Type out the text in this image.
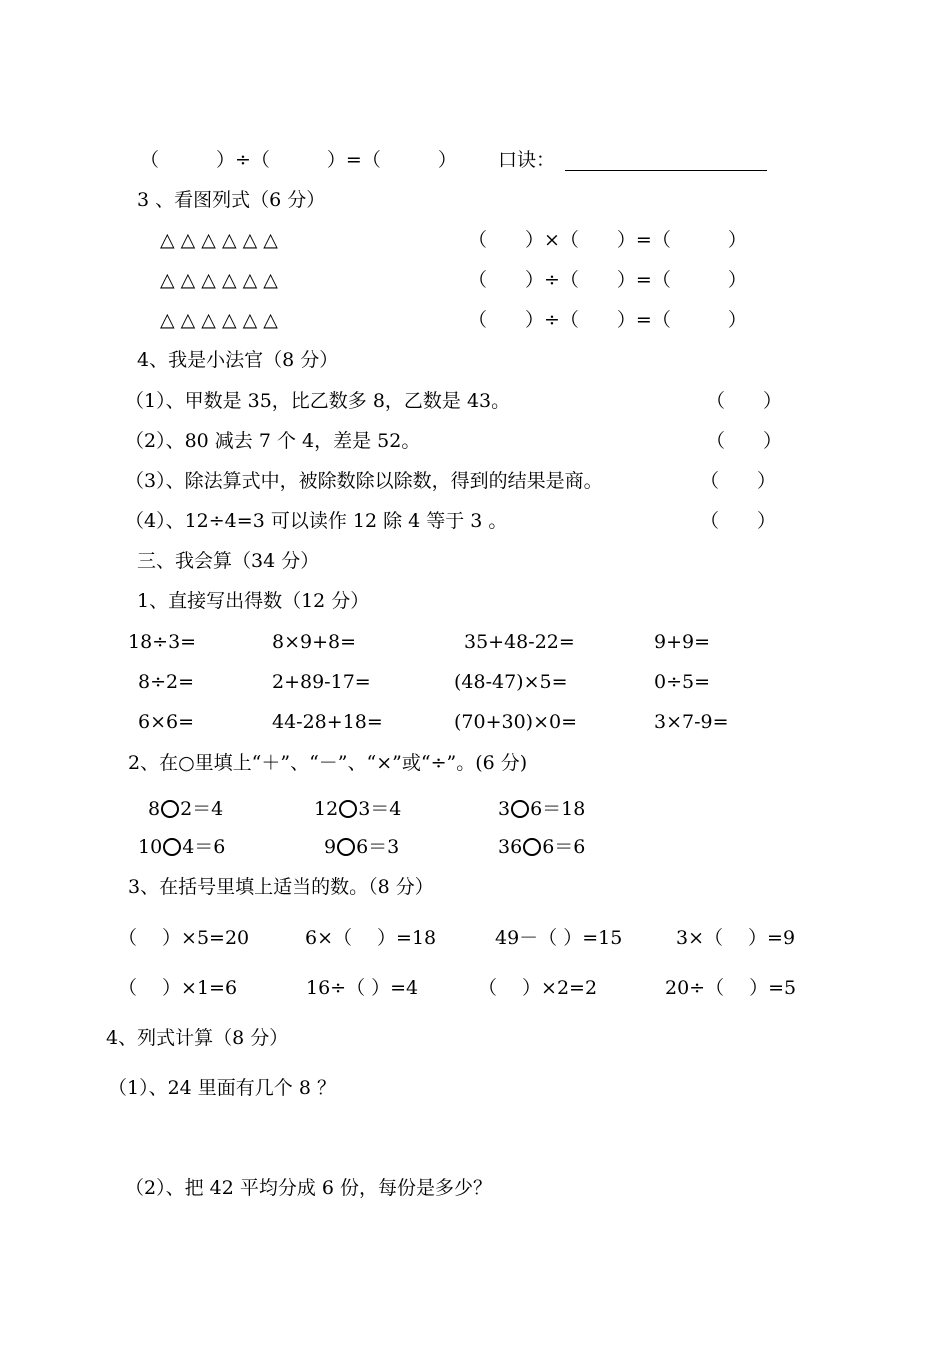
（　　　）÷（　　　）=（　　　） 口诀：
3 、看图列式（6 分）
△ △ △ △ △ △	（　　）×（　　）=（　　　）
△ △ △ △ △ △	（　　）÷（　　）=（　　　）
△ △ △ △ △ △	（　　）÷（　　）=（　　　）
4、我是小法官（8 分）
（1）、甲数是 35，比乙数多 8，乙数是 43。	（　　）
（2）、80 减去 7 个 4，差是 52。	（　　）
（3）、除法算式中，被除数除以除数，得到的结果是商。	（　　）
（4）、12÷4=3 可以读作 12 除 4 等于 3 。	（　　）
三、我会算（34 分）
1、直接写出得数（12 分）
18÷3=	8×9+8=	35+48-22=	9+9=
8÷2=	2+89-17=	(48-47)×5=	0÷5=
6×6=	44-28+18=	(70+30)×0=	3×7-9=
2、在○里填上“＋”、“－”、“×”或“÷”。(6 分)
8 2＝4	12 3＝4	3 6＝18
10 4＝6	9 6＝3	36 6＝6
3、在括号里填上适当的数。（8 分）
（　 ）×5=20	6×（　 ）=18	49－（ ）=15	3×（　 ）=9
（　 ）×1=6	16÷（ ）=4	（　 ）×2=2	20÷（　 ）=5
4、列式计算（8 分）
（1）、24 里面有几个 8 ？
（2）、把 42 平均分成 6 份，每份是多少？
